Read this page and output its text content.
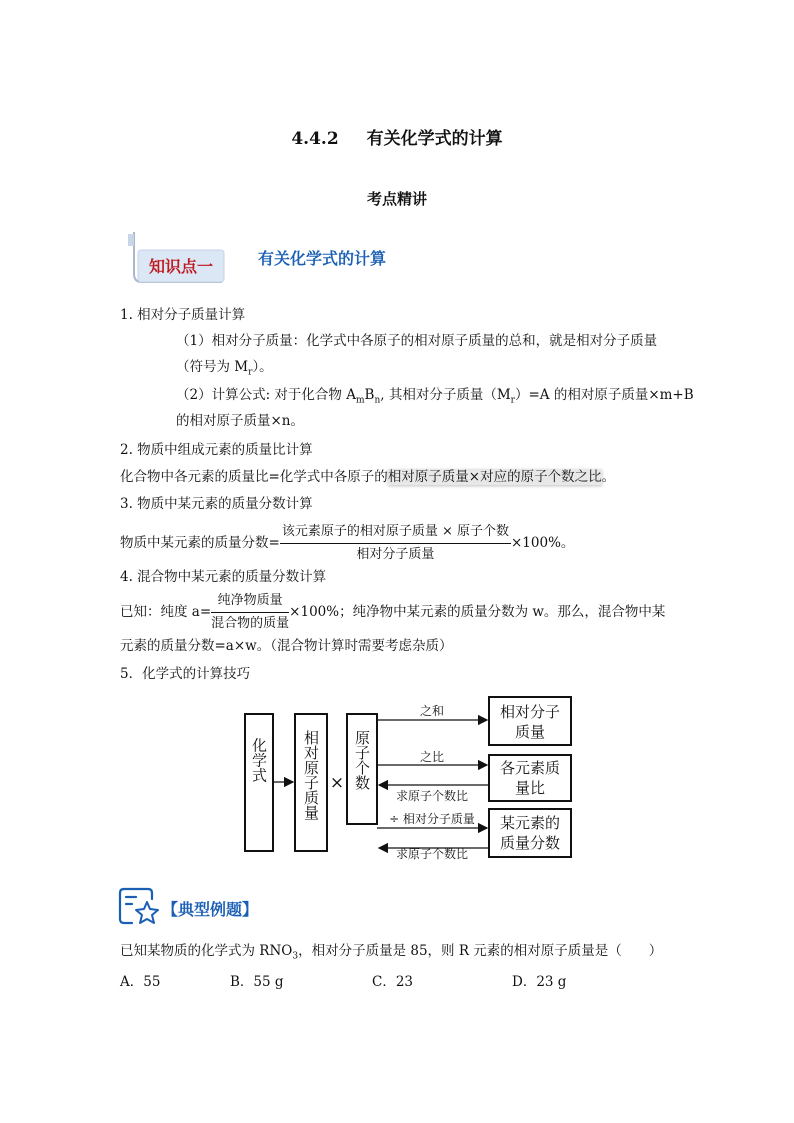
4.4.2 有关化学式的计算
考点精讲
知识点一	有关化学式的计算
1. 相对分子质量计算
（1）相对分子质量：化学式中各原子的相对原子质量的总和，就是相对分子质量
（符号为 $M_r$）。
（2）计算公式: 对于化合物 $A_mB_n$, 其相对分子质量$(M_r)=A$ 的相对原子质量×m+B
的相对原子质量×n。
2. 物质中组成元素的质量比计算
化合物中各元素的质量比=化学式中各原子的相对原子质量×对应的原子个数之比。
3. 物质中某元素的质量分数计算
物质中某元素的质量分数= $\frac{\text{该元素原子的相对原子质量 × 原子个数}}{\text{相对分子质量}} \times 100\%$。
4. 混合物中某元素的质量分数计算
已知：纯度 $a= \frac{\text{纯净物质量}}{\text{混合物的质量}} \times 100\%$；纯净物中某元素的质量分数为 w。那么，混合物中某
元素的质量分数=a×w。（混合物计算时需要考虑杂质）
5．化学式的计算技巧
化学式 相对原子质量 × 原子个数
之和
之比
求原子个数比
÷ 相对分子质量
求原子个数比
相对分子质量
各元素质量比
某元素的质量分数
【典型例题】
已知某物质的化学式为 $RNO_3$，相对分子质量是 85，则 R 元素的相对原子质量是（　　）
A．55	B．55 g	C．23	D．23 g
